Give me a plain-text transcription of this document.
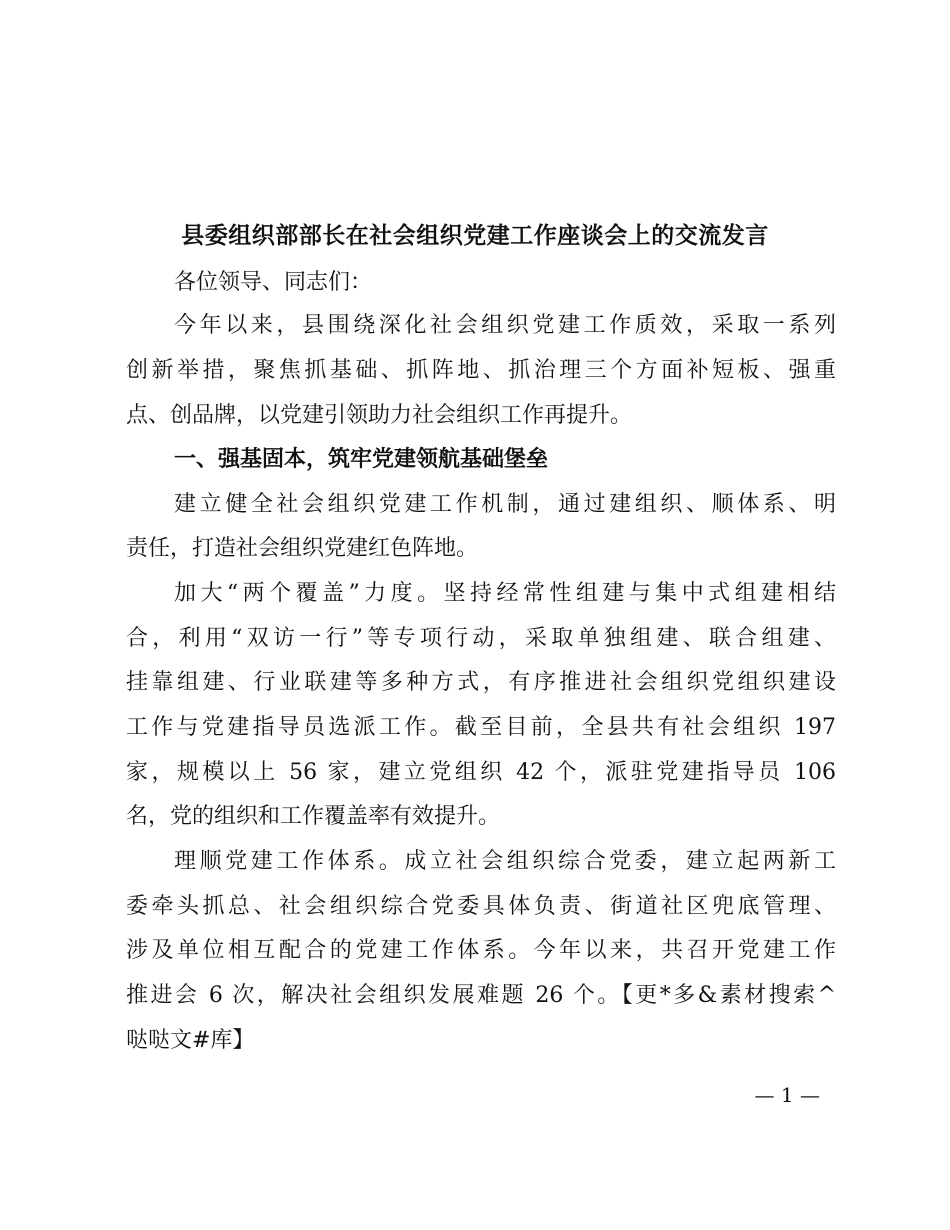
县委组织部部长在社会组织党建工作座谈会上的交流发言

各位领导、同志们：

今年以来，县围绕深化社会组织党建工作质效，采取一系列

创新举措，聚焦抓基础、抓阵地、抓治理三个方面补短板、强重

点、创品牌，以党建引领助力社会组织工作再提升。

一、强基固本，筑牢党建领航基础堡垒

建立健全社会组织党建工作机制，通过建组织、顺体系、明

责任，打造社会组织党建红色阵地。

加大“两个覆盖”力度。坚持经常性组建与集中式组建相结

合，利用“双访一行”等专项行动，采取单独组建、联合组建、

挂靠组建、行业联建等多种方式，有序推进社会组织党组织建设

工作与党建指导员选派工作。截至目前，全县共有社会组织 197

家，规模以上 56 家，建立党组织 42 个，派驻党建指导员 106

名，党的组织和工作覆盖率有效提升。

理顺党建工作体系。成立社会组织综合党委，建立起两新工

委牵头抓总、社会组织综合党委具体负责、街道社区兜底管理、

涉及单位相互配合的党建工作体系。今年以来，共召开党建工作

推进会 6 次，解决社会组织发展难题 26 个。【更*多&素材搜索^

哒哒文#库】

— 1 —
